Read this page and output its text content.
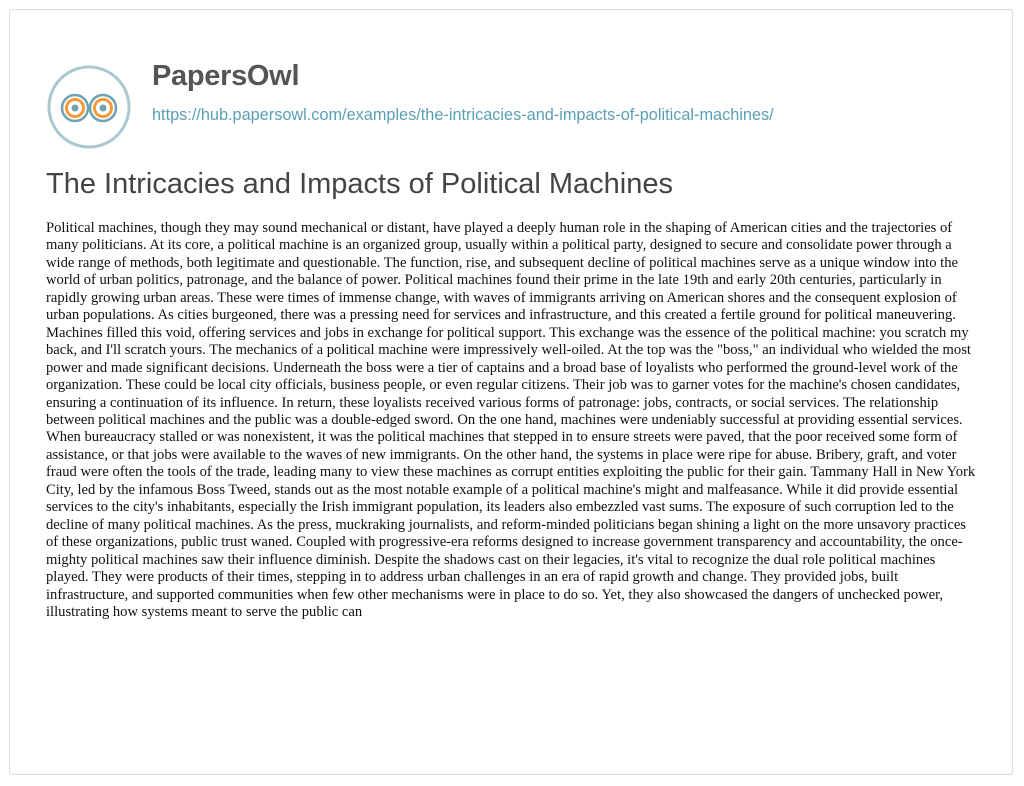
PapersOwl
https://hub.papersowl.com/examples/the-intricacies-and-impacts-of-political-machines/
The Intricacies and Impacts of Political Machines

Political machines, though they may sound mechanical or distant, have played a deeply human role in the shaping of American cities and the trajectories of many politicians. At its core, a political machine is an organized group, usually within a political party, designed to secure and consolidate power through a wide range of methods, both legitimate and questionable. The function, rise, and subsequent decline of political machines serve as a unique window into the world of urban politics, patronage, and the balance of power. Political machines found their prime in the late 19th and early 20th centuries, particularly in rapidly growing urban areas. These were times of immense change, with waves of immigrants arriving on American shores and the consequent explosion of urban populations. As cities burgeoned, there was a pressing need for services and infrastructure, and this created a fertile ground for political maneuvering. Machines filled this void, offering services and jobs in exchange for political support. This exchange was the essence of the political machine: you scratch my back, and I'll scratch yours. The mechanics of a political machine were impressively well-oiled. At the top was the "boss," an individual who wielded the most power and made significant decisions. Underneath the boss were a tier of captains and a broad base of loyalists who performed the ground-level work of the organization. These could be local city officials, business people, or even regular citizens. Their job was to garner votes for the machine's chosen candidates, ensuring a continuation of its influence. In return, these loyalists received various forms of patronage: jobs, contracts, or social services. The relationship between political machines and the public was a double-edged sword. On the one hand, machines were undeniably successful at providing essential services. When bureaucracy stalled or was nonexistent, it was the political machines that stepped in to ensure streets were paved, that the poor received some form of assistance, or that jobs were available to the waves of new immigrants. On the other hand, the systems in place were ripe for abuse. Bribery, graft, and voter fraud were often the tools of the trade, leading many to view these machines as corrupt entities exploiting the public for their gain. Tammany Hall in New York City, led by the infamous Boss Tweed, stands out as the most notable example of a political machine's might and malfeasance. While it did provide essential services to the city's inhabitants, especially the Irish immigrant population, its leaders also embezzled vast sums. The exposure of such corruption led to the decline of many political machines. As the press, muckraking journalists, and reform-minded politicians began shining a light on the more unsavory practices of these organizations, public trust waned. Coupled with progressive-era reforms designed to increase government transparency and accountability, the once-mighty political machines saw their influence diminish. Despite the shadows cast on their legacies, it's vital to recognize the dual role political machines played. They were products of their times, stepping in to address urban challenges in an era of rapid growth and change. They provided jobs, built infrastructure, and supported communities when few other mechanisms were in place to do so. Yet, they also showcased the dangers of unchecked power, illustrating how systems meant to serve the public can
